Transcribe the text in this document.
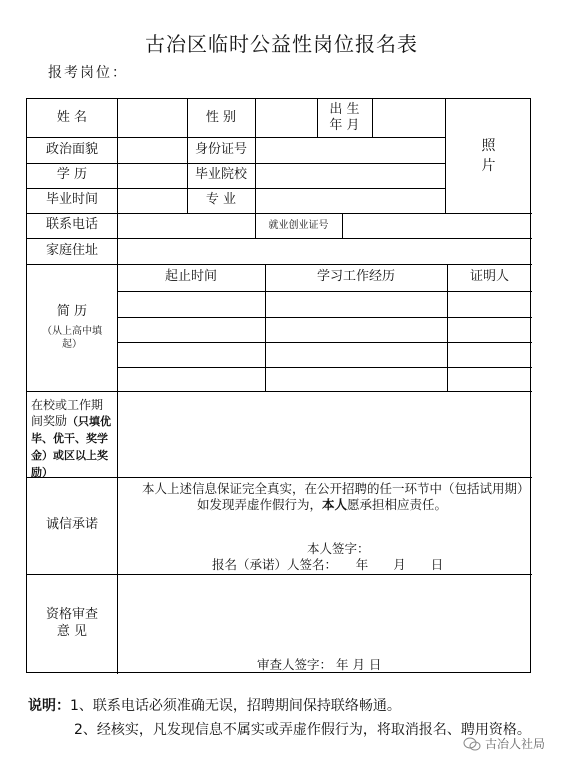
古冶区临时公益性岗位报名表
报考岗位：
姓 名	性 别
出 生
年 月
照
片
政治面貌	身份证号
学 历	毕业院校
毕业时间	专 业
联系电话	就业创业证号
家庭住址
简 历
（从上高中填起）
起止时间	学习工作经历	证明人
在校或工作期间奖励（只填优毕、优干、奖学金）或区以上奖励）
诚信承诺
本人上述信息保证完全真实，在公开招聘的任一环节中（包括试用期）
如发现弄虚作假行为，本人愿承担相应责任。
本人签字：
报名（承诺）人签名：　　年　　月　　日
资格审查
意 见
审查人签字： 年 月 日
说明：1、联系电话必须准确无误，招聘期间保持联络畅通。
2、经核实，凡发现信息不属实或弄虚作假行为，将取消报名、聘用资格。
古冶人社局
